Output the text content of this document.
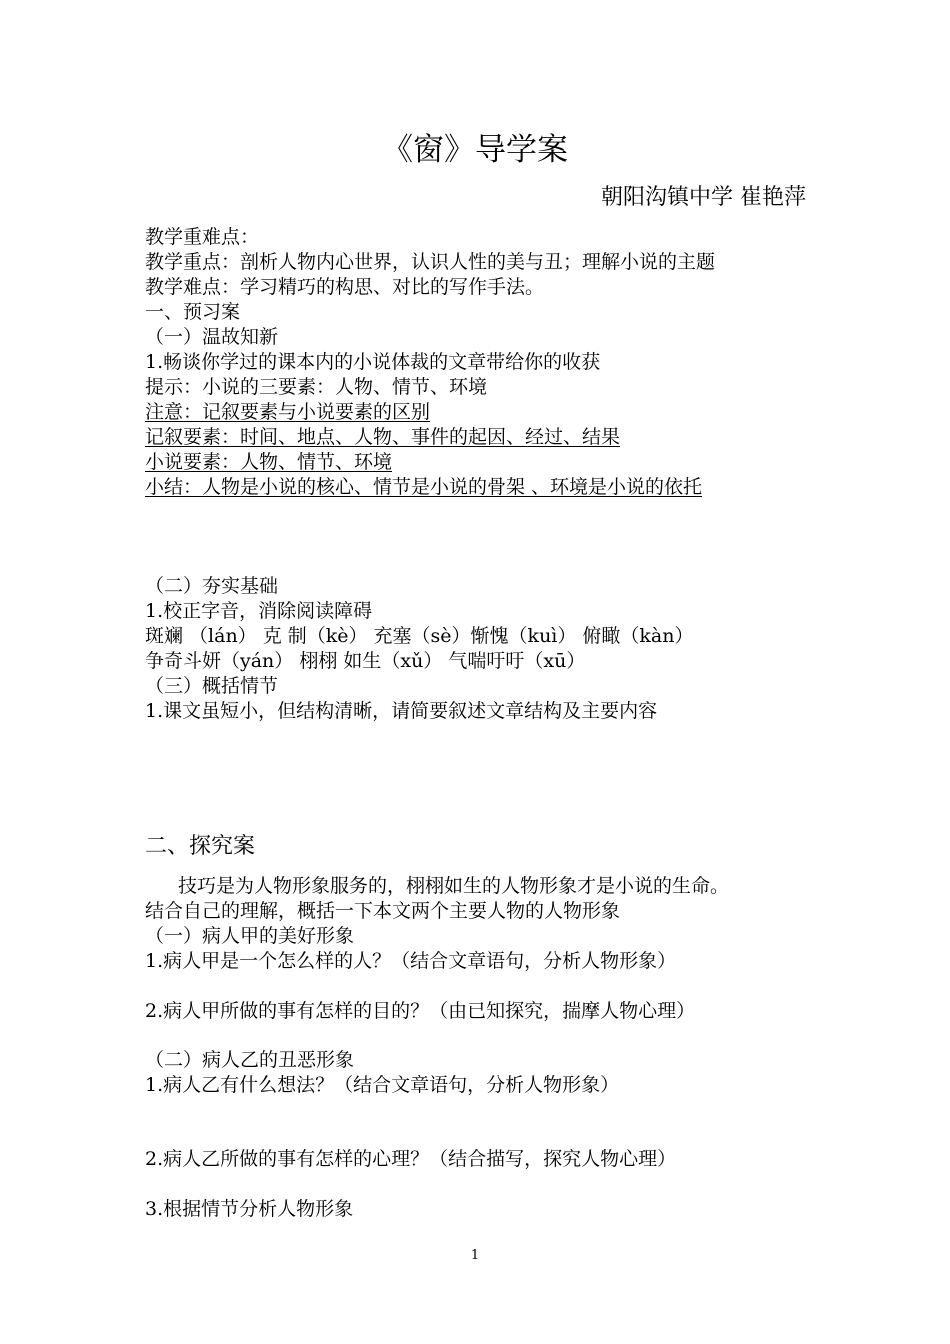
《窗》导学案
朝阳沟镇中学 崔艳萍
教学重难点：
教学重点：剖析人物内心世界，认识人性的美与丑；理解小说的主题
教学难点：学习精巧的构思、对比的写作手法。
一、预习案
（一）温故知新
1.畅谈你学过的课本内的小说体裁的文章带给你的收获
提示：小说的三要素：人物、情节、环境
注意：记叙要素与小说要素的区别
记叙要素：时间、地点、人物、事件的起因、经过、结果
小说要素：人物、情节、环境
小结：人物是小说的核心、情节是小说的骨架 、环境是小说的依托
（二）夯实基础
1.校正字音，消除阅读障碍
斑斓 （lán） 克 制（kè） 充塞（sè）惭愧（kuì） 俯瞰（kàn）
争奇斗妍（yán） 栩栩 如生（xǔ） 气喘吁吁（xū）
（三）概括情节
1.课文虽短小，但结构清晰，请简要叙述文章结构及主要内容
二、探究案
技巧是为人物形象服务的，栩栩如生的人物形象才是小说的生命。
结合自己的理解，概括一下本文两个主要人物的人物形象
（一）病人甲的美好形象
1.病人甲是一个怎么样的人？（结合文章语句，分析人物形象）
2.病人甲所做的事有怎样的目的？（由已知探究，揣摩人物心理）
（二）病人乙的丑恶形象
1.病人乙有什么想法？（结合文章语句，分析人物形象）
2.病人乙所做的事有怎样的心理？（结合描写，探究人物心理）
3.根据情节分析人物形象
1
